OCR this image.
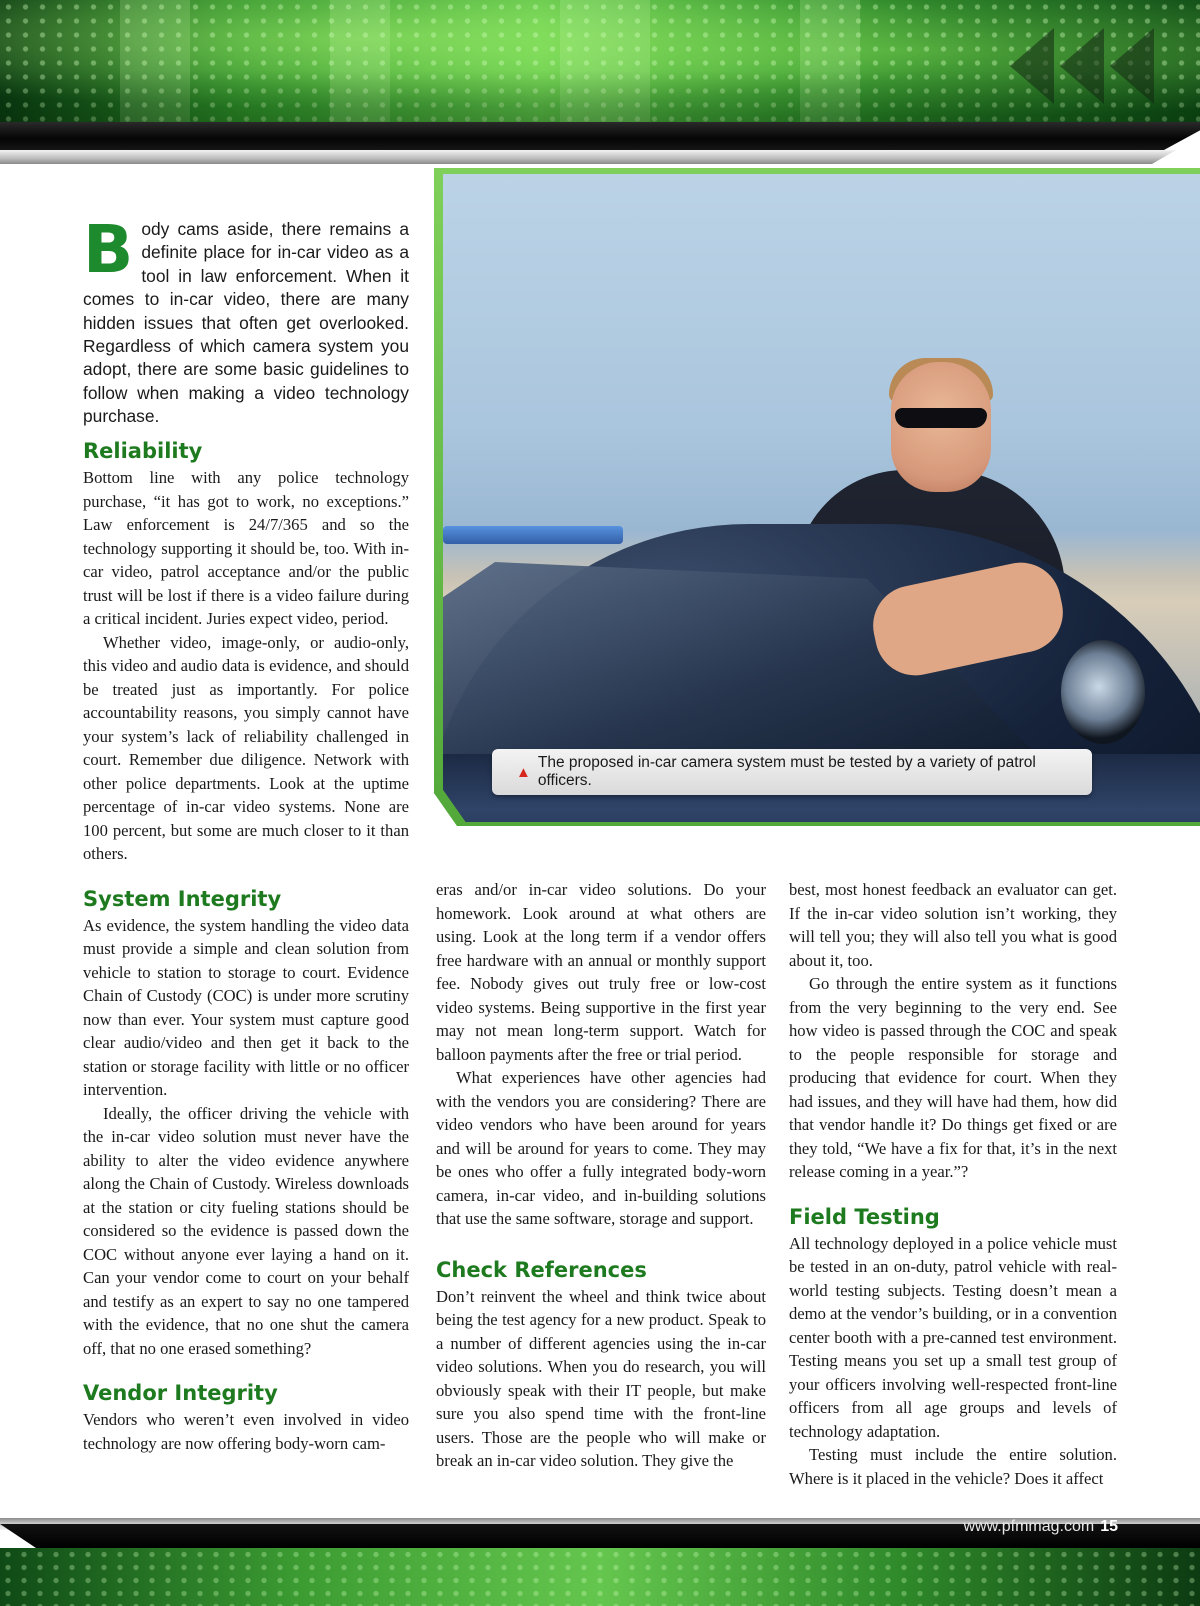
Body cams aside, there remains a definite place for in-car video as a tool in law enforcement. When it comes to in-car video, there are many hidden issues that often get overlooked. Regardless of which camera system you adopt, there are some basic guidelines to follow when making a video technology purchase.

Reliability

Bottom line with any police technology purchase, “it has got to work, no exceptions.” Law enforcement is 24/7/365 and so the technology supporting it should be, too. With in-car video, patrol acceptance and/or the public trust will be lost if there is a video failure during a critical incident. Juries expect video, period.

Whether video, image-only, or audio-only, this video and audio data is evidence, and should be treated just as importantly. For police accountability reasons, you simply cannot have your system’s lack of reliability challenged in court. Remember due diligence. Network with other police departments. Look at the uptime percentage of in-car video systems. None are 100 percent, but some are much closer to it than others.

System Integrity

As evidence, the system handling the video data must provide a simple and clean solution from vehicle to station to storage to court. Evidence Chain of Custody (COC) is under more scrutiny now than ever. Your system must capture good clear audio/video and then get it back to the station or storage facility with little or no officer intervention.

Ideally, the officer driving the vehicle with the in-car video solution must never have the ability to alter the video evidence anywhere along the Chain of Custody. Wireless downloads at the station or city fueling stations should be considered so the evidence is passed down the COC without anyone ever laying a hand on it. Can your vendor come to court on your behalf and testify as an expert to say no one tampered with the evidence, that no one shut the camera off, that no one erased something?

Vendor Integrity

Vendors who weren’t even involved in video technology are now offering body-worn cam-

▲
The proposed in-car camera system must be tested by a variety of patrol officers.

eras and/or in-car video solutions. Do your homework. Look around at what others are using. Look at the long term if a vendor offers free hardware with an annual or monthly support fee. Nobody gives out truly free or low-cost video systems. Being supportive in the first year may not mean long-term support. Watch for balloon payments after the free or trial period.

What experiences have other agencies had with the vendors you are considering? There are video vendors who have been around for years and will be around for years to come. They may be ones who offer a fully integrated body-worn camera, in-car video, and in-building solutions that use the same software, storage and support.

Check References

Don’t reinvent the wheel and think twice about being the test agency for a new product. Speak to a number of different agencies using the in-car video solutions. When you do research, you will obviously speak with their IT people, but make sure you also spend time with the front-line users. Those are the people who will make or break an in-car video solution. They give the

best, most honest feedback an evaluator can get. If the in-car video solution isn’t working, they will tell you; they will also tell you what is good about it, too.

Go through the entire system as it functions from the very beginning to the very end. See how video is passed through the COC and speak to the people responsible for storage and producing that evidence for court. When they had issues, and they will have had them, how did that vendor handle it? Do things get fixed or are they told, “We have a fix for that, it’s in the next release coming in a year.”?

Field Testing

All technology deployed in a police vehicle must be tested in an on-duty, patrol vehicle with real-world testing subjects. Testing doesn’t mean a demo at the vendor’s building, or in a convention center booth with a pre-canned test environment. Testing means you set up a small test group of your officers involving well-respected front-line officers from all age groups and levels of technology adaptation.

Testing must include the entire solution. Where is it placed in the vehicle? Does it affect

www.pfmmag.com 15
